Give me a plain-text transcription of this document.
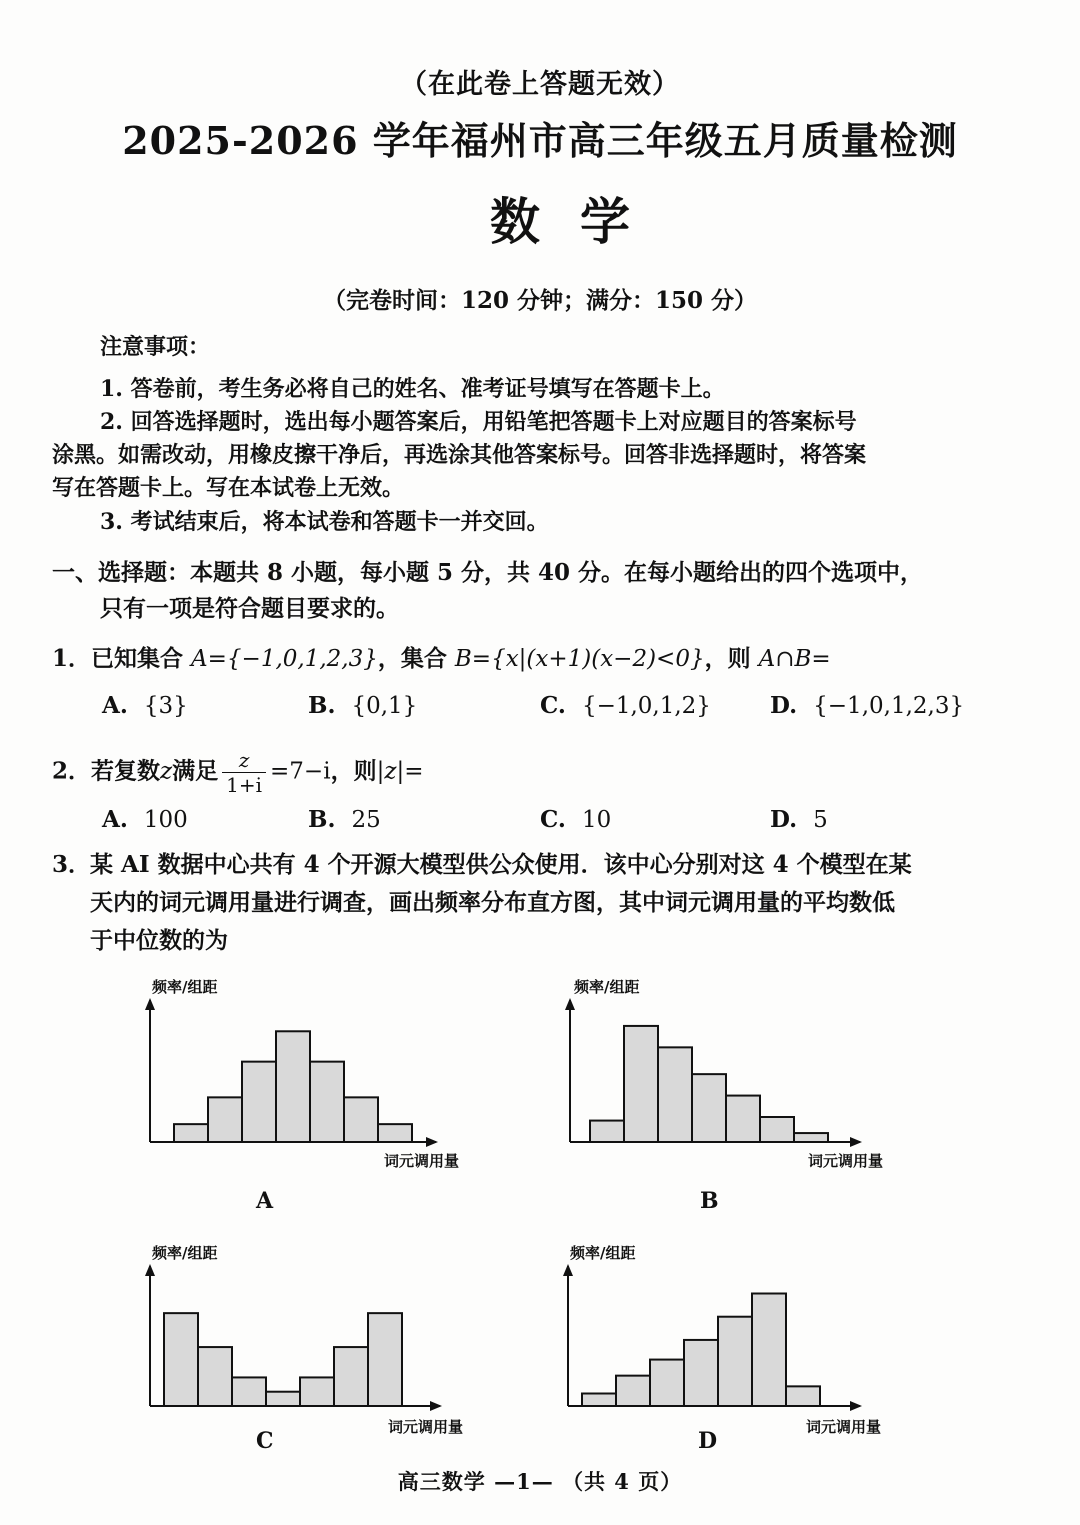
（在此卷上答题无效）
2025-2026 学年福州市高三年级五月质量检测
数学
（完卷时间：120 分钟；满分：150 分）
注意事项：
1. 答卷前，考生务必将自己的姓名、准考证号填写在答题卡上。
2. 回答选择题时，选出每小题答案后，用铅笔把答题卡上对应题目的答案标号
涂黑。如需改动，用橡皮擦干净后，再选涂其他答案标号。回答非选择题时，将答案
写在答题卡上。写在本试卷上无效。
3. 考试结束后，将本试卷和答题卡一并交回。
一、选择题：本题共 8 小题，每小题 5 分，共 40 分。在每小题给出的四个选项中，
只有一项是符合题目要求的。
1．已知集合 A={−1,0,1,2,3}，集合 B={x|(x+1)(x−2)<0}，则 A∩B=
A. {3}	B. {0,1}	C. {−1,0,1,2}	D. {−1,0,1,2,3}
2．若复数z满足 $\frac{z}{1+i} =7-i$，则|z|=
A. 100	B. 25	C. 10	D. 5
3．
某 AI 数据中心共有 4 个开源大模型供公众使用．该中心分别对这 4 个模型在某
天内的词元调用量进行调查，画出频率分布直方图，其中词元调用量的平均数低
于中位数的为
频率/组距
词元调用量
A
频率/组距
词元调用量
B
频率/组距
词元调用量
C
频率/组距
词元调用量
D
高三数学 —1— （共 4 页）
